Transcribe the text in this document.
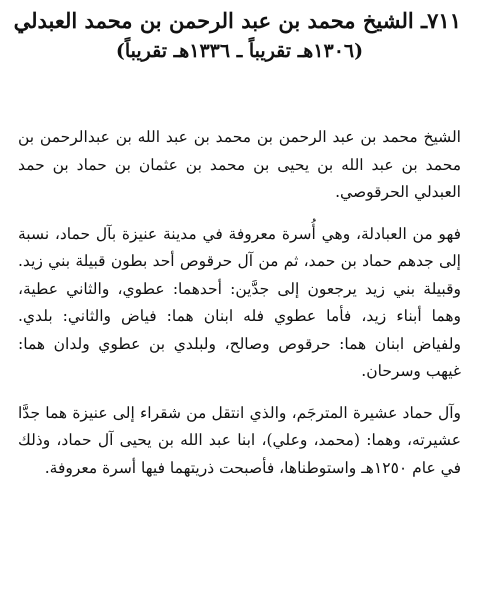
٧١١ـ الشيخ محمد بن عبد الرحمن بن محمد العبدلي
(١٣٠٦هـ تقريباً ـ ١٣٣٦هـ تقريباً)

الشيخ محمد بن عبد الرحمن بن محمد بن عبد الله بن عبدالرحمن بن محمد بن عبد الله بن يحيى بن محمد بن عثمان بن حماد بن حمد العبدلي الحرقوصي.

فهو من العبادلة، وهي أُسرة معروفة في مدينة عنيزة بآل حماد، نسبة إلى جدهم حماد بن حمد، ثم من آل حرقوص أحد بطون قبيلة بني زيد. وقبيلة بني زيد يرجعون إلى جدَّين: أحدهما: عطوي، والثاني عطية، وهما أبناء زيد، فأما عطوي فله ابنان هما: فياض والثاني: بلدي. ولفياض ابنان هما: حرقوص وصالح، ولبلدي بن عطوي ولدان هما: غيهب وسرحان.

وآل حماد عشيرة المترجَم، والذي انتقل من شقراء إلى عنيزة هما جدَّا عشيرته، وهما: (محمد، وعلي)، ابنا عبد الله بن يحيى آل حماد، وذلك في عام ١٢٥٠هـ واستوطناها، فأصبحت ذريتهما فيها أسرة معروفة.
